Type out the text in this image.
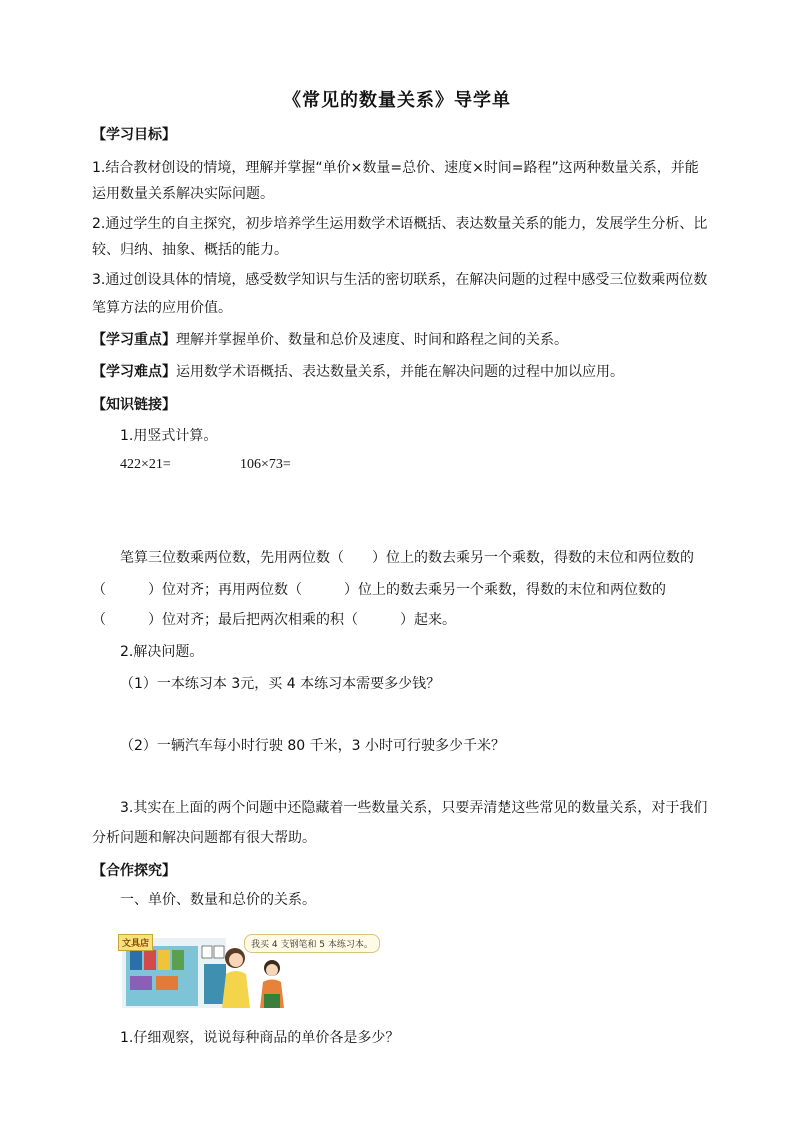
《常见的数量关系》导学单
【学习目标】
1.结合教材创设的情境，理解并掌握“单价×数量=总价、速度×时间=路程”这两种数量关系，并能
运用数量关系解决实际问题。
2.通过学生的自主探究，初步培养学生运用数学术语概括、表达数量关系的能力，发展学生分析、比
较、归纳、抽象、概括的能力。
3.通过创设具体的情境，感受数学知识与生活的密切联系，在解决问题的过程中感受三位数乘两位数
笔算方法的应用价值。
【学习重点】理解并掌握单价、数量和总价及速度、时间和路程之间的关系。
【学习难点】运用数学术语概括、表达数量关系，并能在解决问题的过程中加以应用。
【知识链接】
1.用竖式计算。
422×21=	106×73=
笔算三位数乘两位数，先用两位数（　　）位上的数去乘另一个乘数，得数的末位和两位数的
（　　　）位对齐；再用两位数（　　　）位上的数去乘另一个乘数，得数的末位和两位数的
（　　　）位对齐；最后把两次相乘的积（　　　）起来。
2.解决问题。
（1）一本练习本 3元，买 4 本练习本需要多少钱？
（2）一辆汽车每小时行驶 80 千米，3 小时可行驶多少千米？
3.其实在上面的两个问题中还隐藏着一些数量关系，只要弄清楚这些常见的数量关系，对于我们
分析问题和解决问题都有很大帮助。
【合作探究】
一、单价、数量和总价的关系。
文具店	我买 4 支钢笔和 5 本练习本。
1.仔细观察，说说每种商品的单价各是多少？
